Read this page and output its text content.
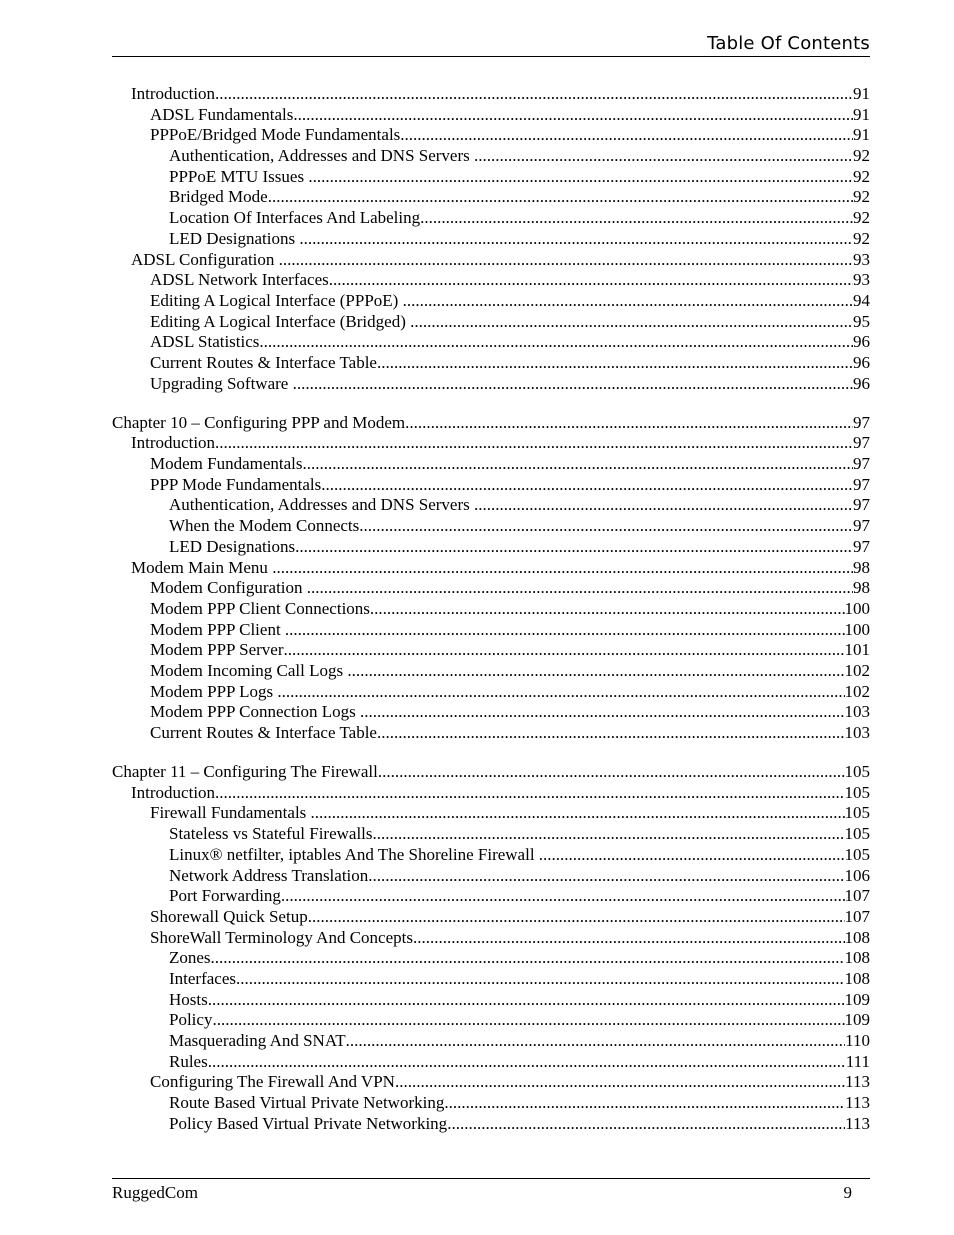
Table Of Contents
Introduction .....	91
ADSL Fundamentals .....	91
PPPoE/Bridged Mode Fundamentals .....	91
Authentication, Addresses and DNS Servers .....	92
PPPoE MTU Issues .....	92
Bridged Mode .....	92
Location Of Interfaces And Labeling .....	92
LED Designations .....	92
ADSL Configuration .....	93
ADSL Network Interfaces .....	93
Editing A Logical Interface (PPPoE) .....	94
Editing A Logical Interface (Bridged) .....	95
ADSL Statistics .....	96
Current Routes & Interface Table .....	96
Upgrading Software .....	96
Chapter 10 – Configuring PPP and Modem .....	97
Introduction .....	97
Modem Fundamentals .....	97
PPP Mode Fundamentals .....	97
Authentication, Addresses and DNS Servers .....	97
When the Modem Connects .....	97
LED Designations .....	97
Modem Main Menu .....	98
Modem Configuration .....	98
Modem PPP Client Connections .....	100
Modem PPP Client .....	100
Modem PPP Server .....	101
Modem Incoming Call Logs .....	102
Modem PPP Logs .....	102
Modem PPP Connection Logs .....	103
Current Routes & Interface Table .....	103
Chapter 11 – Configuring The Firewall .....	105
Introduction .....	105
Firewall Fundamentals .....	105
Stateless vs Stateful Firewalls .....	105
Linux® netfilter, iptables And The Shoreline Firewall .....	105
Network Address Translation .....	106
Port Forwarding .....	107
Shorewall Quick Setup .....	107
ShoreWall Terminology And Concepts .....	108
Zones .....	108
Interfaces .....	108
Hosts .....	109
Policy .....	109
Masquerading And SNAT .....	110
Rules .....	111
Configuring The Firewall And VPN .....	113
Route Based Virtual Private Networking .....	113
Policy Based Virtual Private Networking .....	113
RuggedCom	9
